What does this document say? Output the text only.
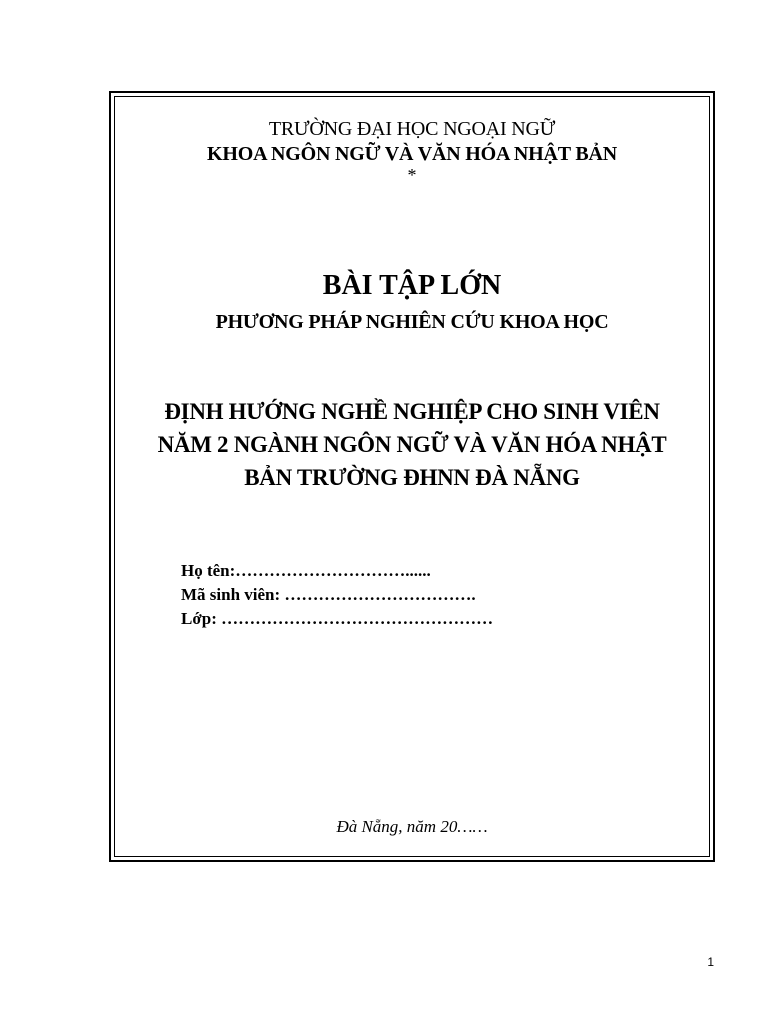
TRƯỜNG ĐẠI HỌC NGOẠI NGỮ
KHOA NGÔN NGỮ VÀ VĂN HÓA NHẬT BẢN
*
BÀI TẬP LỚN
PHƯƠNG PHÁP NGHIÊN CỨU KHOA HỌC
ĐỊNH HƯỚNG NGHỀ NGHIỆP CHO SINH VIÊN
NĂM 2 NGÀNH NGÔN NGỮ VÀ VĂN HÓA NHẬT
BẢN TRƯỜNG ĐHNN ĐÀ NẴNG
Họ tên:…………………………......
Mã sinh viên: …………………………….
Lớp: …………………………………………
Đà Nẵng, năm 20……
1
